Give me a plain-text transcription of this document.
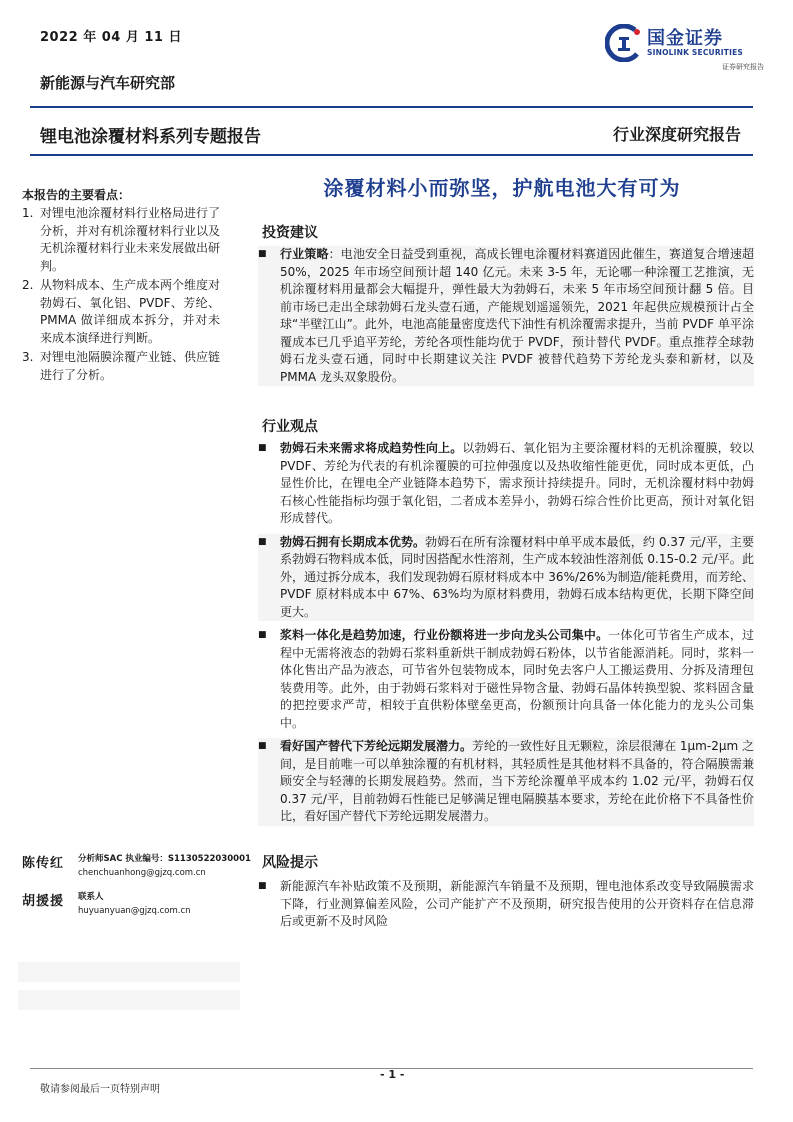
2022 年 04 月 11 日	国金证券
SINOLINK SECURITIES
证券研究报告
新能源与汽车研究部
锂电池涂覆材料系列专题报告	行业深度研究报告
涂覆材料小而弥坚，护航电池大有可为
本报告的主要看点：
1. 对锂电池涂覆材料行业格局进行了分析，并对有机涂覆材料行业以及无机涂覆材料行业未来发展做出研判。
2. 从物料成本、生产成本两个维度对勃姆石、氧化铝、PVDF、芳纶、PMMA 做详细成本拆分，并对未来成本演绎进行判断。
3. 对锂电池隔膜涂覆产业链、供应链进行了分析。
投资建议
■	行业策略：电池安全日益受到重视，高成长锂电涂覆材料赛道因此催生，赛道复合增速超 50%，2025 年市场空间预计超 140 亿元。未来 3-5 年，无论哪一种涂覆工艺推演，无机涂覆材料用量都会大幅提升，弹性最大为勃姆石，未来 5 年市场空间预计翻 5 倍。目前市场已走出全球勃姆石龙头壹石通，产能规划遥遥领先，2021 年起供应规模预计占全球“半壁江山”。此外，电池高能量密度迭代下油性有机涂覆需求提升，当前 PVDF 单平涂覆成本已几乎追平芳纶，芳纶各项性能均优于 PVDF，预计替代 PVDF。重点推荐全球勃姆石龙头壹石通，同时中长期建议关注 PVDF 被替代趋势下芳纶龙头泰和新材，以及 PMMA 龙头双象股份。
行业观点
■	勃姆石未来需求将成趋势性向上。以勃姆石、氧化铝为主要涂覆材料的无机涂覆膜，较以 PVDF、芳纶为代表的有机涂覆膜的可拉伸强度以及热收缩性能更优，同时成本更低，凸显性价比，在锂电全产业链降本趋势下，需求预计持续提升。同时，无机涂覆材料中勃姆石核心性能指标均强于氧化铝，二者成本差异小，勃姆石综合性价比更高，预计对氧化铝形成替代。
■	勃姆石拥有长期成本优势。勃姆石在所有涂覆材料中单平成本最低，约 0.37 元/平，主要系勃姆石物料成本低，同时因搭配水性溶剂，生产成本较油性溶剂低 0.15-0.2 元/平。此外，通过拆分成本，我们发现勃姆石原材料成本中 36%/26%为制造/能耗费用，而芳纶、PVDF 原材料成本中 67%、63%均为原材料费用，勃姆石成本结构更优，长期下降空间更大。
■	浆料一体化是趋势加速，行业份额将进一步向龙头公司集中。一体化可节省生产成本，过程中无需将液态的勃姆石浆料重新烘干制成勃姆石粉体，以节省能源消耗。同时，浆料一体化售出产品为液态，可节省外包装物成本，同时免去客户人工搬运费用、分拆及清理包装费用等。此外，由于勃姆石浆料对于磁性异物含量、勃姆石晶体转换型貌、浆料固含量的把控要求严苛，相较于直供粉体壁垒更高，份额预计向具备一体化能力的龙头公司集中。
■	看好国产替代下芳纶远期发展潜力。芳纶的一致性好且无颗粒，涂层很薄在 1μm-2μm 之间，是目前唯一可以单独涂覆的有机材料，其轻质性是其他材料不具备的，符合隔膜需兼顾安全与轻薄的长期发展趋势。然而，当下芳纶涂覆单平成本约 1.02 元/平，勃姆石仅 0.37 元/平，目前勃姆石性能已足够满足锂电隔膜基本要求，芳纶在此价格下不具备性价比，看好国产替代下芳纶远期发展潜力。
陈传红	分析师SAC 执业编号：S1130522030001
chenchuanhong@gjzq.com.cn
胡援援	联系人
huyuanyuan@gjzq.com.cn
风险提示
■	新能源汽车补贴政策不及预期，新能源汽车销量不及预期，锂电池体系改变导致隔膜需求下降，行业测算偏差风险，公司产能扩产不及预期，研究报告使用的公开资料存在信息滞后或更新不及时风险
- 1 -
敬请参阅最后一页特别声明
